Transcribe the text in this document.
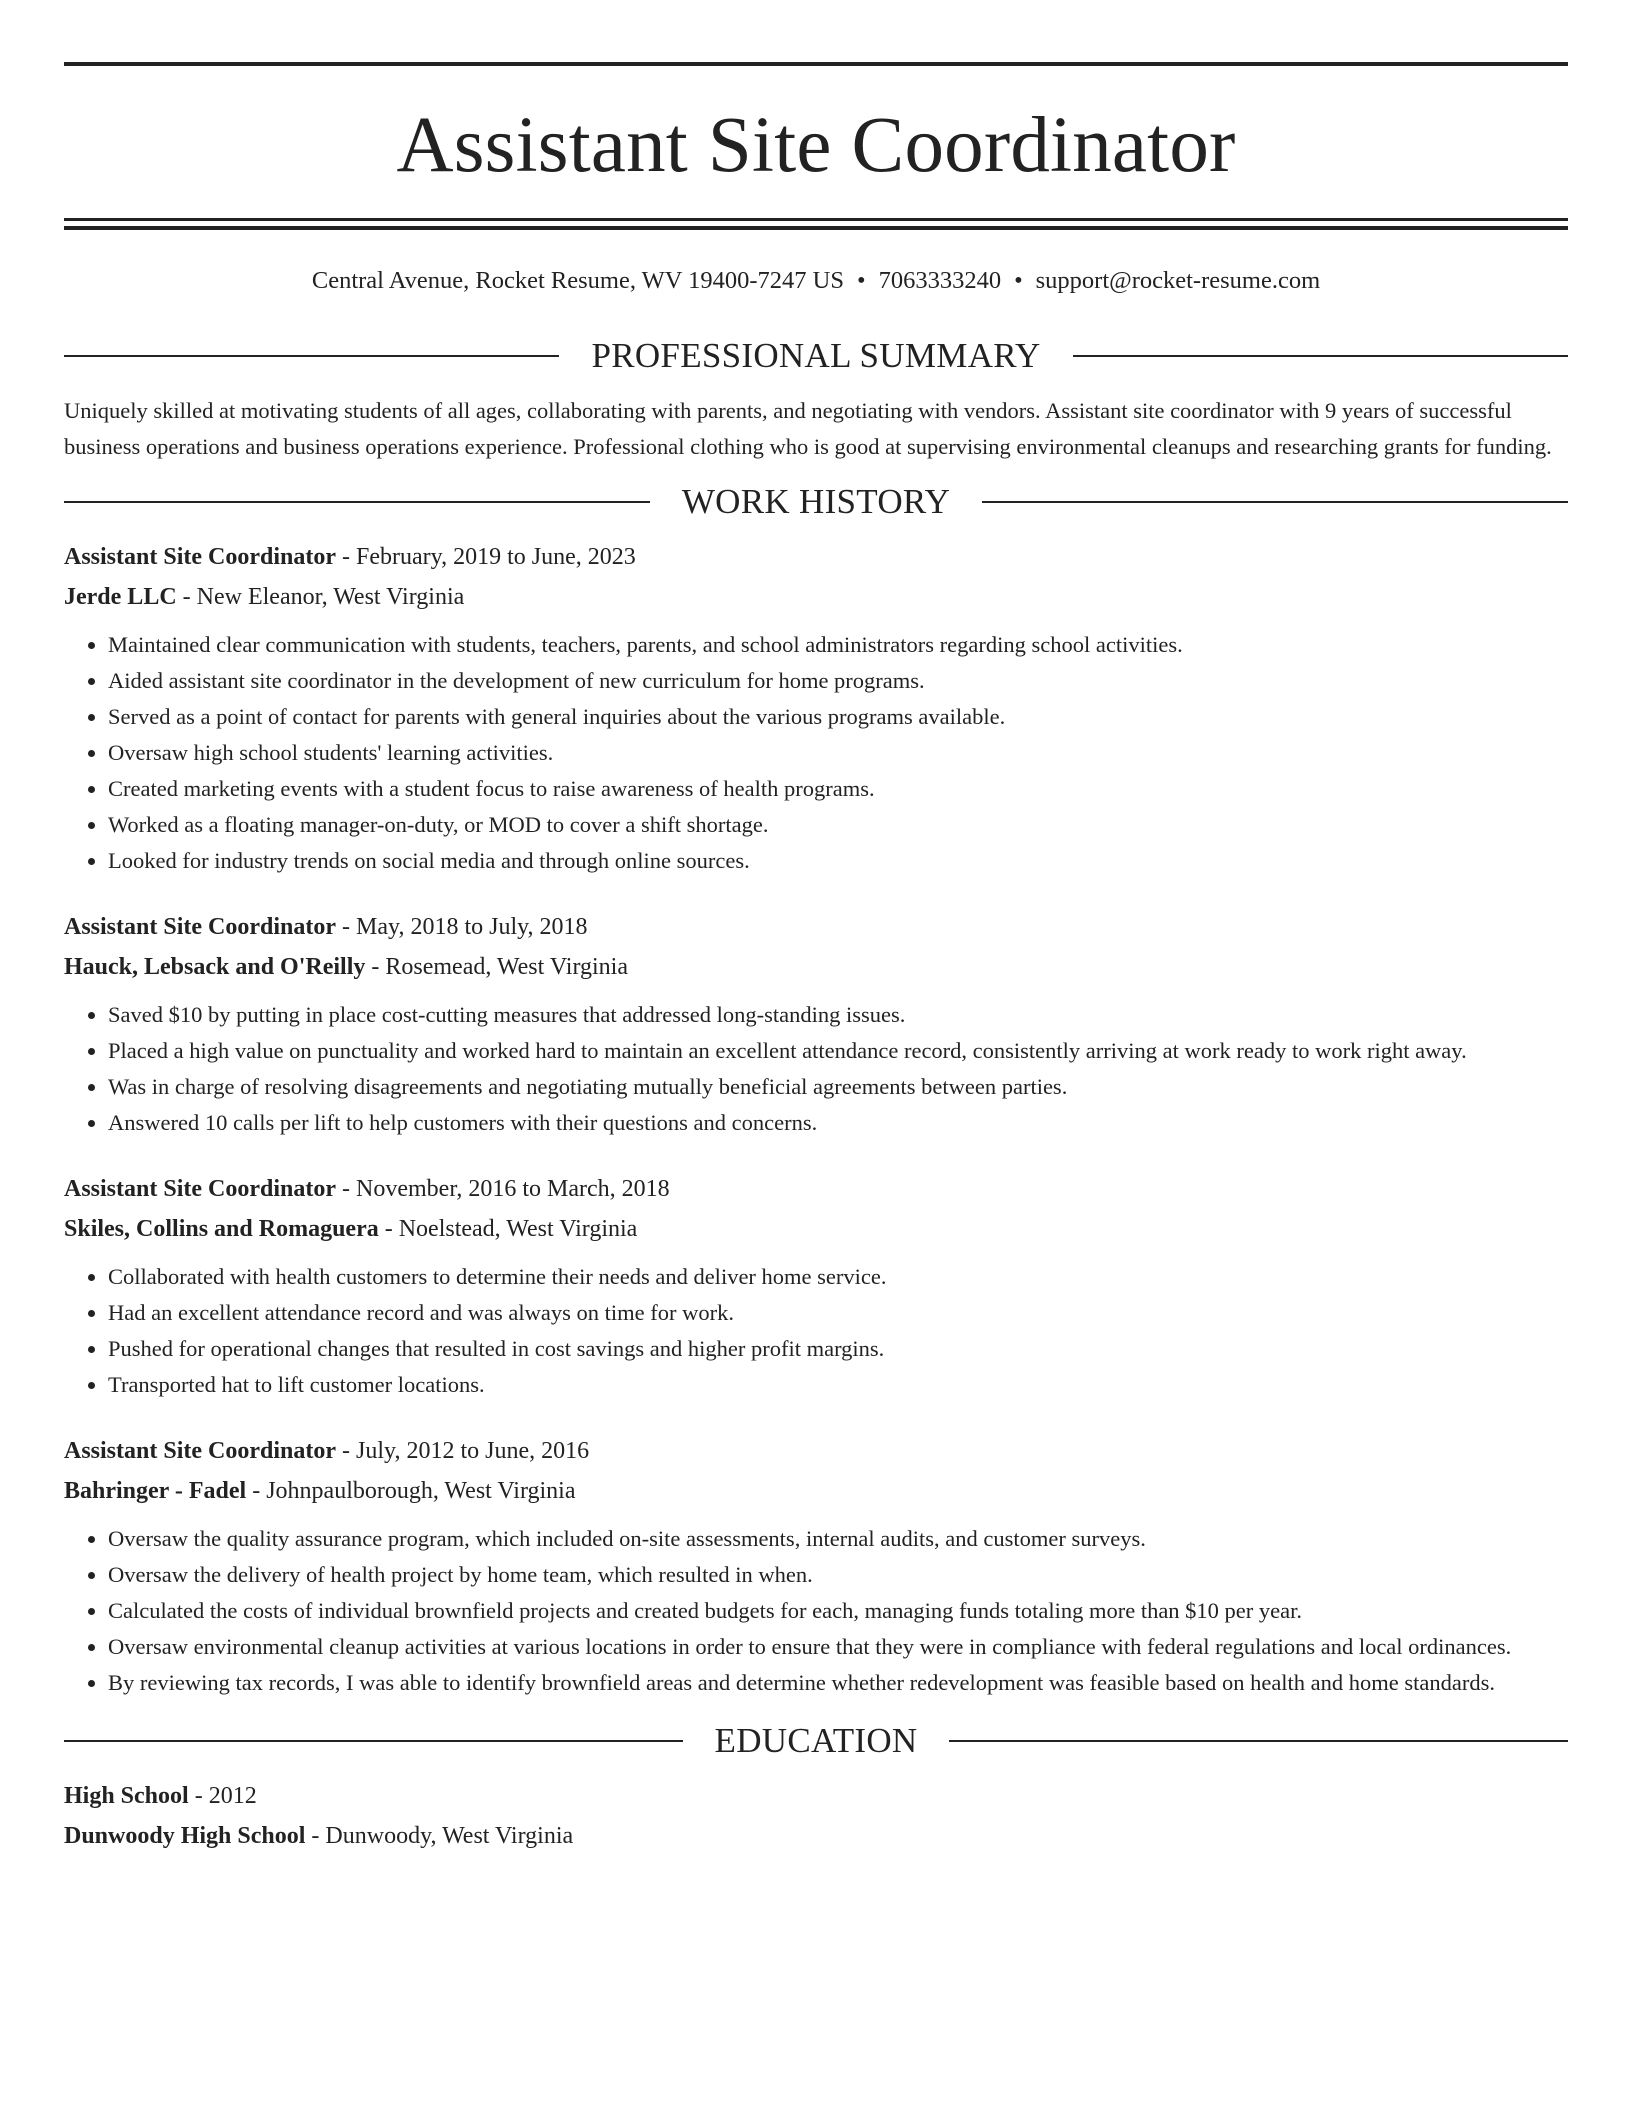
Assistant Site Coordinator
Central Avenue, Rocket Resume, WV 19400-7247 US • 7063333240 • support@rocket-resume.com
PROFESSIONAL SUMMARY

Uniquely skilled at motivating students of all ages, collaborating with parents, and negotiating with vendors. Assistant site coordinator with 9 years of successful business operations and business operations experience. Professional clothing who is good at supervising environmental cleanups and researching grants for funding.

WORK HISTORY

Assistant Site Coordinator - February, 2019 to June, 2023

Jerde LLC - New Eleanor, West Virginia

• Maintained clear communication with students, teachers, parents, and school administrators regarding school activities.
• Aided assistant site coordinator in the development of new curriculum for home programs.
• Served as a point of contact for parents with general inquiries about the various programs available.
• Oversaw high school students' learning activities.
• Created marketing events with a student focus to raise awareness of health programs.
• Worked as a floating manager-on-duty, or MOD to cover a shift shortage.
• Looked for industry trends on social media and through online sources.

Assistant Site Coordinator - May, 2018 to July, 2018

Hauck, Lebsack and O'Reilly - Rosemead, West Virginia

• Saved $10 by putting in place cost-cutting measures that addressed long-standing issues.
• Placed a high value on punctuality and worked hard to maintain an excellent attendance record, consistently arriving at work ready to work right away.
• Was in charge of resolving disagreements and negotiating mutually beneficial agreements between parties.
• Answered 10 calls per lift to help customers with their questions and concerns.

Assistant Site Coordinator - November, 2016 to March, 2018

Skiles, Collins and Romaguera - Noelstead, West Virginia

• Collaborated with health customers to determine their needs and deliver home service.
• Had an excellent attendance record and was always on time for work.
• Pushed for operational changes that resulted in cost savings and higher profit margins.
• Transported hat to lift customer locations.

Assistant Site Coordinator - July, 2012 to June, 2016

Bahringer - Fadel - Johnpaulborough, West Virginia

• Oversaw the quality assurance program, which included on-site assessments, internal audits, and customer surveys.
• Oversaw the delivery of health project by home team, which resulted in when.
• Calculated the costs of individual brownfield projects and created budgets for each, managing funds totaling more than $10 per year.
• Oversaw environmental cleanup activities at various locations in order to ensure that they were in compliance with federal regulations and local ordinances.
• By reviewing tax records, I was able to identify brownfield areas and determine whether redevelopment was feasible based on health and home standards.
EDUCATION

High School - 2012

Dunwoody High School - Dunwoody, West Virginia
